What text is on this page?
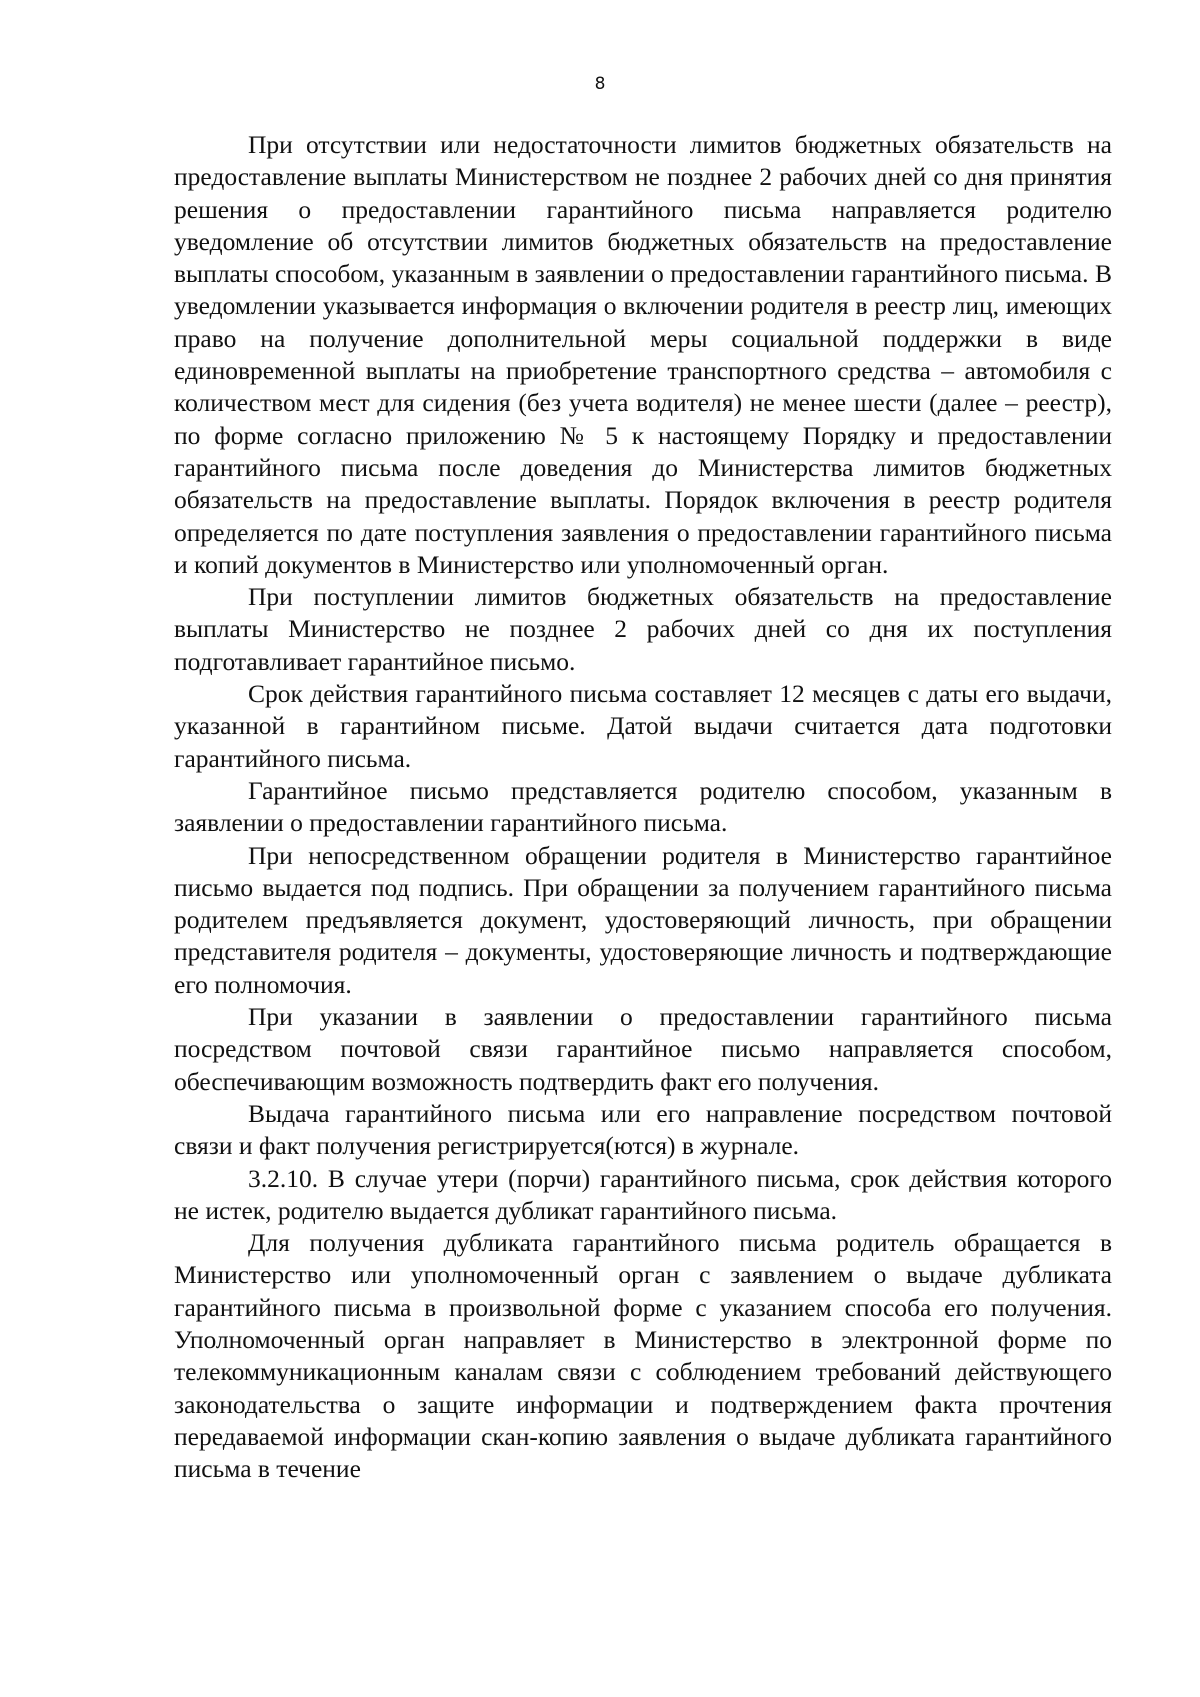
8

При отсутствии или недостаточности лимитов бюджетных обязательств на предоставление выплаты Министерством не позднее 2 рабочих дней со дня принятия решения о предоставлении гарантийного письма направляется родителю уведомление об отсутствии лимитов бюджетных обязательств на предоставление выплаты способом, указанным в заявлении о предоставлении гарантийного письма. В уведомлении указывается информация о включении родителя в реестр лиц, имеющих право на получение дополнительной меры социальной поддержки в виде единовременной выплаты на приобретение транспортного средства – автомобиля с количеством мест для сидения (без учета водителя) не менее шести (далее – реестр), по форме согласно приложению № 5 к настоящему Порядку и предоставлении гарантийного письма после доведения до Министерства лимитов бюджетных обязательств на предоставление выплаты. Порядок включения в реестр родителя определяется по дате поступления заявления о предоставлении гарантийного письма и копий документов в Министерство или уполномоченный орган.

При поступлении лимитов бюджетных обязательств на предоставление выплаты Министерство не позднее 2 рабочих дней со дня их поступления подготавливает гарантийное письмо.

Срок действия гарантийного письма составляет 12 месяцев с даты его выдачи, указанной в гарантийном письме. Датой выдачи считается дата подготовки гарантийного письма.

Гарантийное письмо представляется родителю способом, указанным в заявлении о предоставлении гарантийного письма.

При непосредственном обращении родителя в Министерство гарантийное письмо выдается под подпись. При обращении за получением гарантийного письма родителем предъявляется документ, удостоверяющий личность, при обращении представителя родителя – документы, удостоверяющие личность и подтверждающие его полномочия.

При указании в заявлении о предоставлении гарантийного письма посредством почтовой связи гарантийное письмо направляется способом, обеспечивающим возможность подтвердить факт его получения.

Выдача гарантийного письма или его направление посредством почтовой связи и факт получения регистрируется(ются) в журнале.

3.2.10. В случае утери (порчи) гарантийного письма, срок действия которого не истек, родителю выдается дубликат гарантийного письма.

Для получения дубликата гарантийного письма родитель обращается в Министерство или уполномоченный орган с заявлением о выдаче дубликата гарантийного письма в произвольной форме с указанием способа его получения. Уполномоченный орган направляет в Министерство в электронной форме по телекоммуникационным каналам связи с соблюдением требований действующего законодательства о защите информации и подтверждением факта прочтения передаваемой информации скан-копию заявления о выдаче дубликата гарантийного письма в течение
